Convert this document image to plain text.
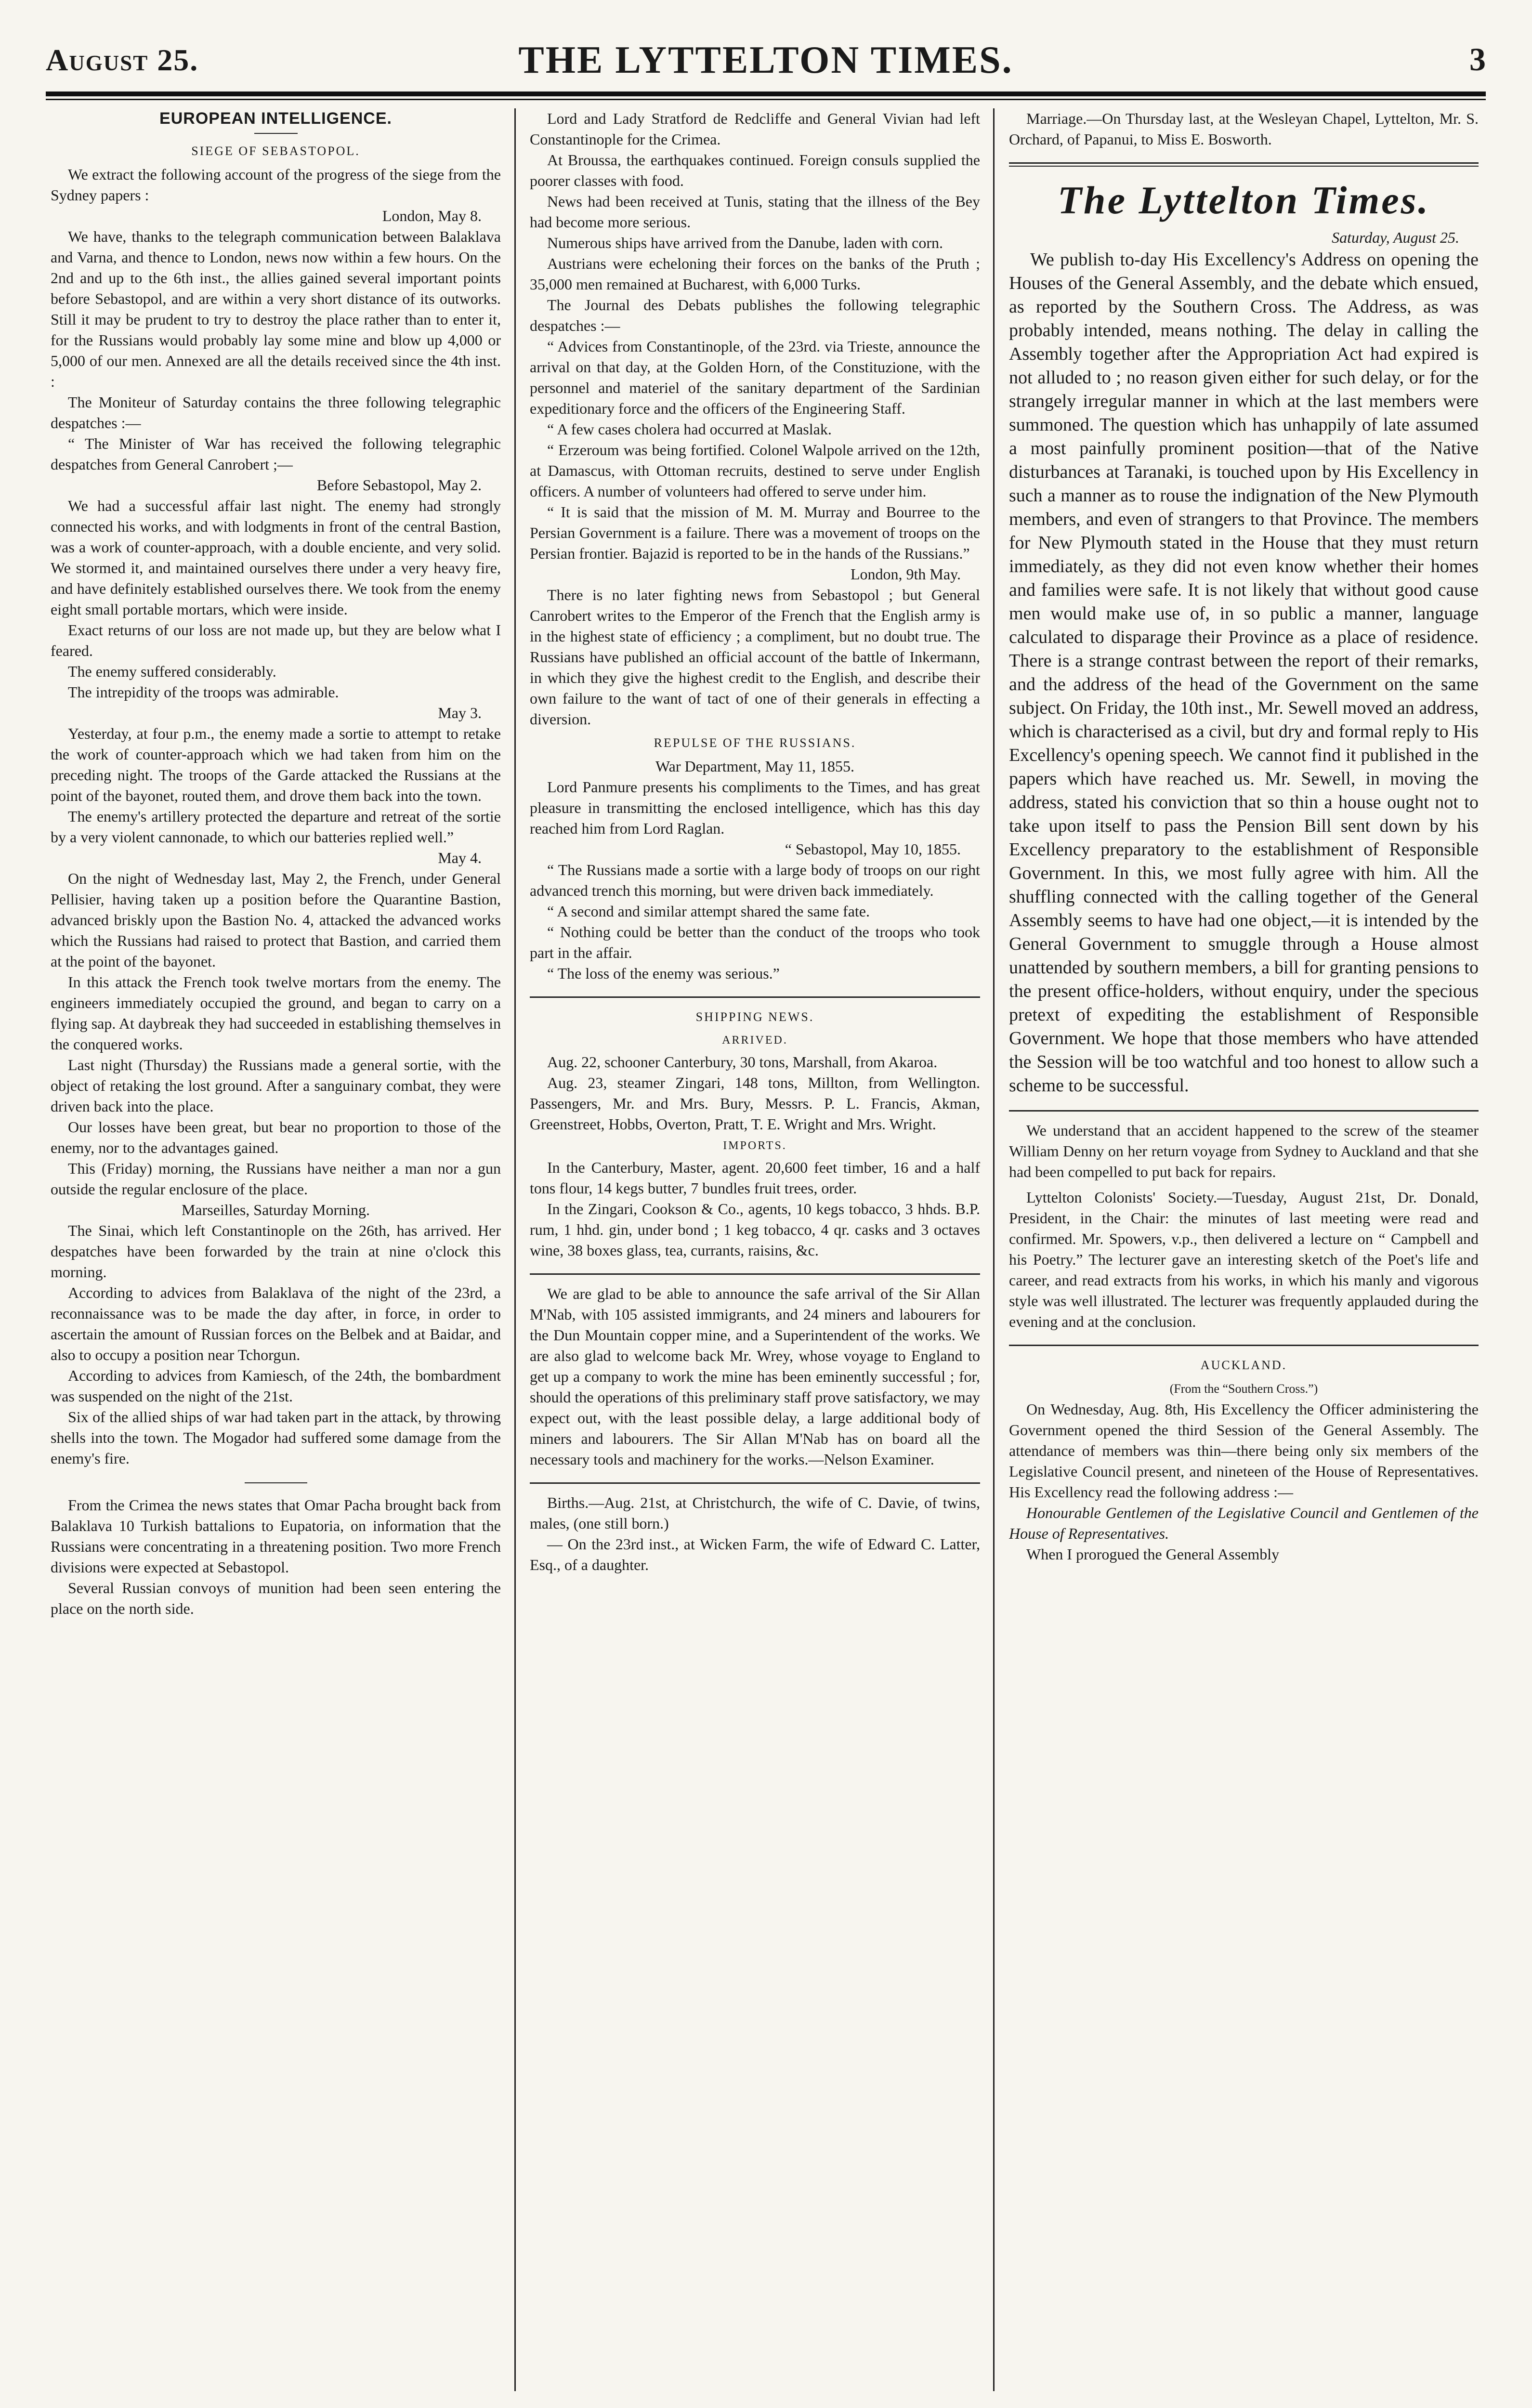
August 25.	THE LYTTELTON TIMES.	3
EUROPEAN INTELLIGENCE.
SIEGE OF SEBASTOPOL.

We extract the following account of the progress of the siege from the Sydney papers :

London, May 8.

We have, thanks to the telegraph communication between Balaklava and Varna, and thence to London, news now within a few hours. On the 2nd and up to the 6th inst., the allies gained several important points before Sebastopol, and are within a very short distance of its outworks. Still it may be prudent to try to destroy the place rather than to enter it, for the Russians would probably lay some mine and blow up 4,000 or 5,000 of our men. Annexed are all the details received since the 4th inst. :

The Moniteur of Saturday contains the three following telegraphic despatches :—

“ The Minister of War has received the following telegraphic despatches from General Canrobert ;—

Before Sebastopol, May 2.

We had a successful affair last night. The enemy had strongly connected his works, and with lodgments in front of the central Bastion, was a work of counter-approach, with a double enciente, and very solid. We stormed it, and maintained ourselves there under a very heavy fire, and have definitely established ourselves there. We took from the enemy eight small portable mortars, which were inside.

Exact returns of our loss are not made up, but they are below what I feared.

The enemy suffered considerably.

The intrepidity of the troops was admirable.

May 3.

Yesterday, at four p.m., the enemy made a sortie to attempt to retake the work of counter-approach which we had taken from him on the preceding night. The troops of the Garde attacked the Russians at the point of the bayonet, routed them, and drove them back into the town.

The enemy's artillery protected the departure and retreat of the sortie by a very violent cannonade, to which our batteries replied well.”

May 4.

On the night of Wednesday last, May 2, the French, under General Pellisier, having taken up a position before the Quarantine Bastion, advanced briskly upon the Bastion No. 4, attacked the advanced works which the Russians had raised to protect that Bastion, and carried them at the point of the bayonet.

In this attack the French took twelve mortars from the enemy. The engineers immediately occupied the ground, and began to carry on a flying sap. At daybreak they had succeeded in establishing themselves in the conquered works.

Last night (Thursday) the Russians made a general sortie, with the object of retaking the lost ground. After a sanguinary combat, they were driven back into the place.

Our losses have been great, but bear no proportion to those of the enemy, nor to the advantages gained.

This (Friday) morning, the Russians have neither a man nor a gun outside the regular enclosure of the place.

Marseilles, Saturday Morning.

The Sinai, which left Constantinople on the 26th, has arrived. Her despatches have been forwarded by the train at nine o'clock this morning.

According to advices from Balaklava of the night of the 23rd, a reconnaissance was to be made the day after, in force, in order to ascertain the amount of Russian forces on the Belbek and at Baidar, and also to occupy a position near Tchorgun.

According to advices from Kamiesch, of the 24th, the bombardment was suspended on the night of the 21st.

Six of the allied ships of war had taken part in the attack, by throwing shells into the town. The Mogador had suffered some damage from the enemy's fire.

From the Crimea the news states that Omar Pacha brought back from Balaklava 10 Turkish battalions to Eupatoria, on information that the Russians were concentrating in a threatening position. Two more French divisions were expected at Sebastopol.

Several Russian convoys of munition had been seen entering the place on the north side.

Lord and Lady Stratford de Redcliffe and General Vivian had left Constantinople for the Crimea.

At Broussa, the earthquakes continued. Foreign consuls supplied the poorer classes with food.

News had been received at Tunis, stating that the illness of the Bey had become more serious.

Numerous ships have arrived from the Danube, laden with corn.

Austrians were echeloning their forces on the banks of the Pruth ; 35,000 men remained at Bucharest, with 6,000 Turks.

The Journal des Debats publishes the following telegraphic despatches :—

“ Advices from Constantinople, of the 23rd. via Trieste, announce the arrival on that day, at the Golden Horn, of the Constituzione, with the personnel and materiel of the sanitary department of the Sardinian expeditionary force and the officers of the Engineering Staff.

“ A few cases cholera had occurred at Maslak.

“ Erzeroum was being fortified. Colonel Walpole arrived on the 12th, at Damascus, with Ottoman recruits, destined to serve under English officers. A number of volunteers had offered to serve under him.

“ It is said that the mission of M. M. Murray and Bourree to the Persian Government is a failure. There was a movement of troops on the Persian frontier. Bajazid is reported to be in the hands of the Russians.”

London, 9th May.

There is no later fighting news from Sebastopol ; but General Canrobert writes to the Emperor of the French that the English army is in the highest state of efficiency ; a compliment, but no doubt true. The Russians have published an official account of the battle of Inkermann, in which they give the highest credit to the English, and describe their own failure to the want of tact of one of their generals in effecting a diversion.

REPULSE OF THE RUSSIANS.
War Department, May 11, 1855.

Lord Panmure presents his compliments to the Times, and has great pleasure in transmitting the enclosed intelligence, which has this day reached him from Lord Raglan.

“ Sebastopol, May 10, 1855.

“ The Russians made a sortie with a large body of troops on our right advanced trench this morning, but were driven back immediately.

“ A second and similar attempt shared the same fate.

“ Nothing could be better than the conduct of the troops who took part in the affair.

“ The loss of the enemy was serious.”

SHIPPING NEWS.
ARRIVED.

Aug. 22, schooner Canterbury, 30 tons, Marshall, from Akaroa.

Aug. 23, steamer Zingari, 148 tons, Millton, from Wellington. Passengers, Mr. and Mrs. Bury, Messrs. P. L. Francis, Akman, Greenstreet, Hobbs, Overton, Pratt, T. E. Wright and Mrs. Wright.

IMPORTS.

In the Canterbury, Master, agent. 20,600 feet timber, 16 and a half tons flour, 14 kegs butter, 7 bundles fruit trees, order.

In the Zingari, Cookson & Co., agents, 10 kegs tobacco, 3 hhds. B.P. rum, 1 hhd. gin, under bond ; 1 keg tobacco, 4 qr. casks and 3 octaves wine, 38 boxes glass, tea, currants, raisins, &c.

We are glad to be able to announce the safe arrival of the Sir Allan M'Nab, with 105 assisted immigrants, and 24 miners and labourers for the Dun Mountain copper mine, and a Superintendent of the works. We are also glad to welcome back Mr. Wrey, whose voyage to England to get up a company to work the mine has been eminently successful ; for, should the operations of this preliminary staff prove satisfactory, we may expect out, with the least possible delay, a large additional body of miners and labourers. The Sir Allan M'Nab has on board all the necessary tools and machinery for the works.—Nelson Examiner.

Births.—Aug. 21st, at Christchurch, the wife of C. Davie, of twins, males, (one still born.)

— On the 23rd inst., at Wicken Farm, the wife of Edward C. Latter, Esq., of a daughter.

Marriage.—On Thursday last, at the Wesleyan Chapel, Lyttelton, Mr. S. Orchard, of Papanui, to Miss E. Bosworth.

The Lyttelton Times.

Saturday, August 25.

We publish to-day His Excellency's Address on opening the Houses of the General Assembly, and the debate which ensued, as reported by the Southern Cross. The Address, as was probably intended, means nothing. The delay in calling the Assembly together after the Appropriation Act had expired is not alluded to ; no reason given either for such delay, or for the strangely irregular manner in which at the last members were summoned. The question which has unhappily of late assumed a most painfully prominent position—that of the Native disturbances at Taranaki, is touched upon by His Excellency in such a manner as to rouse the indignation of the New Plymouth members, and even of strangers to that Province. The members for New Plymouth stated in the House that they must return immediately, as they did not even know whether their homes and families were safe. It is not likely that without good cause men would make use of, in so public a manner, language calculated to disparage their Province as a place of residence. There is a strange contrast between the report of their remarks, and the address of the head of the Government on the same subject. On Friday, the 10th inst., Mr. Sewell moved an address, which is characterised as a civil, but dry and formal reply to His Excellency's opening speech. We cannot find it published in the papers which have reached us. Mr. Sewell, in moving the address, stated his conviction that so thin a house ought not to take upon itself to pass the Pension Bill sent down by his Excellency preparatory to the establishment of Responsible Government. In this, we most fully agree with him. All the shuffling connected with the calling together of the General Assembly seems to have had one object,—it is intended by the General Government to smuggle through a House almost unattended by southern members, a bill for granting pensions to the present office-holders, without enquiry, under the specious pretext of expediting the establishment of Responsible Government. We hope that those members who have attended the Session will be too watchful and too honest to allow such a scheme to be successful.

We understand that an accident happened to the screw of the steamer William Denny on her return voyage from Sydney to Auckland and that she had been compelled to put back for repairs.

Lyttelton Colonists' Society.—Tuesday, August 21st, Dr. Donald, President, in the Chair: the minutes of last meeting were read and confirmed. Mr. Spowers, v.p., then delivered a lecture on “ Campbell and his Poetry.” The lecturer gave an interesting sketch of the Poet's life and career, and read extracts from his works, in which his manly and vigorous style was well illustrated. The lecturer was frequently applauded during the evening and at the conclusion.

AUCKLAND.
(From the “Southern Cross.”)

On Wednesday, Aug. 8th, His Excellency the Officer administering the Government opened the third Session of the General Assembly. The attendance of members was thin—there being only six members of the Legislative Council present, and nineteen of the House of Representatives. His Excellency read the following address :—

Honourable Gentlemen of the Legislative Council and Gentlemen of the House of Representatives.

When I prorogued the General Assembly
